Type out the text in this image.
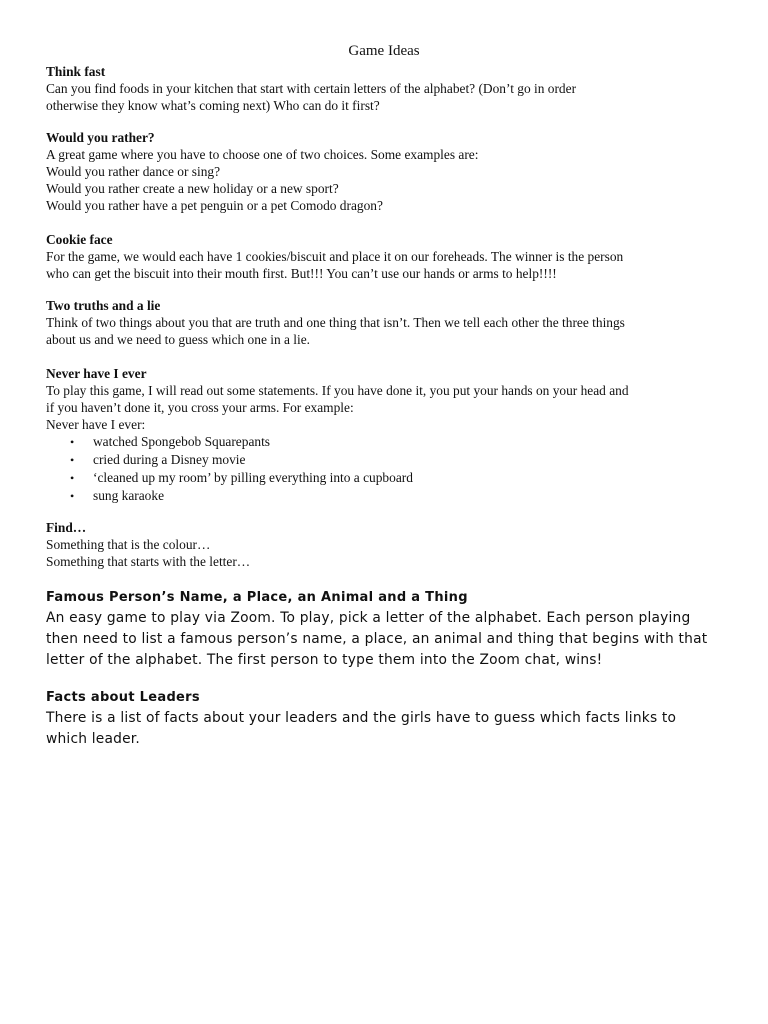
Game Ideas
Think fast

Can you find foods in your kitchen that start with certain letters of the alphabet? (Don’t go in order

otherwise they know what’s coming next) Who can do it first?

Would you rather?

A great game where you have to choose one of two choices. Some examples are:

Would you rather dance or sing?

Would you rather create a new holiday or a new sport?

Would you rather have a pet penguin or a pet Comodo dragon?

Cookie face

For the game, we would each have 1 cookies/biscuit and place it on our foreheads. The winner is the person

who can get the biscuit into their mouth first. But!!! You can’t use our hands or arms to help!!!!

Two truths and a lie

Think of two things about you that are truth and one thing that isn’t. Then we tell each other the three things

about us and we need to guess which one in a lie.

Never have I ever

To play this game, I will read out some statements. If you have done it, you put your hands on your head and

if you haven’t done it, you cross your arms. For example:

Never have I ever:

• watched Spongebob Squarepants
• cried during a Disney movie
• ‘cleaned up my room’ by pilling everything into a cupboard
• sung karaoke
Find…

Something that is the colour…

Something that starts with the letter…

Famous Person’s Name, a Place, an Animal and a Thing

An easy game to play via Zoom. To play, pick a letter of the alphabet. Each person playing

then need to list a famous person’s name, a place, an animal and thing that begins with that

letter of the alphabet. The first person to type them into the Zoom chat, wins!

Facts about Leaders

There is a list of facts about your leaders and the girls have to guess which facts links to

which leader.
